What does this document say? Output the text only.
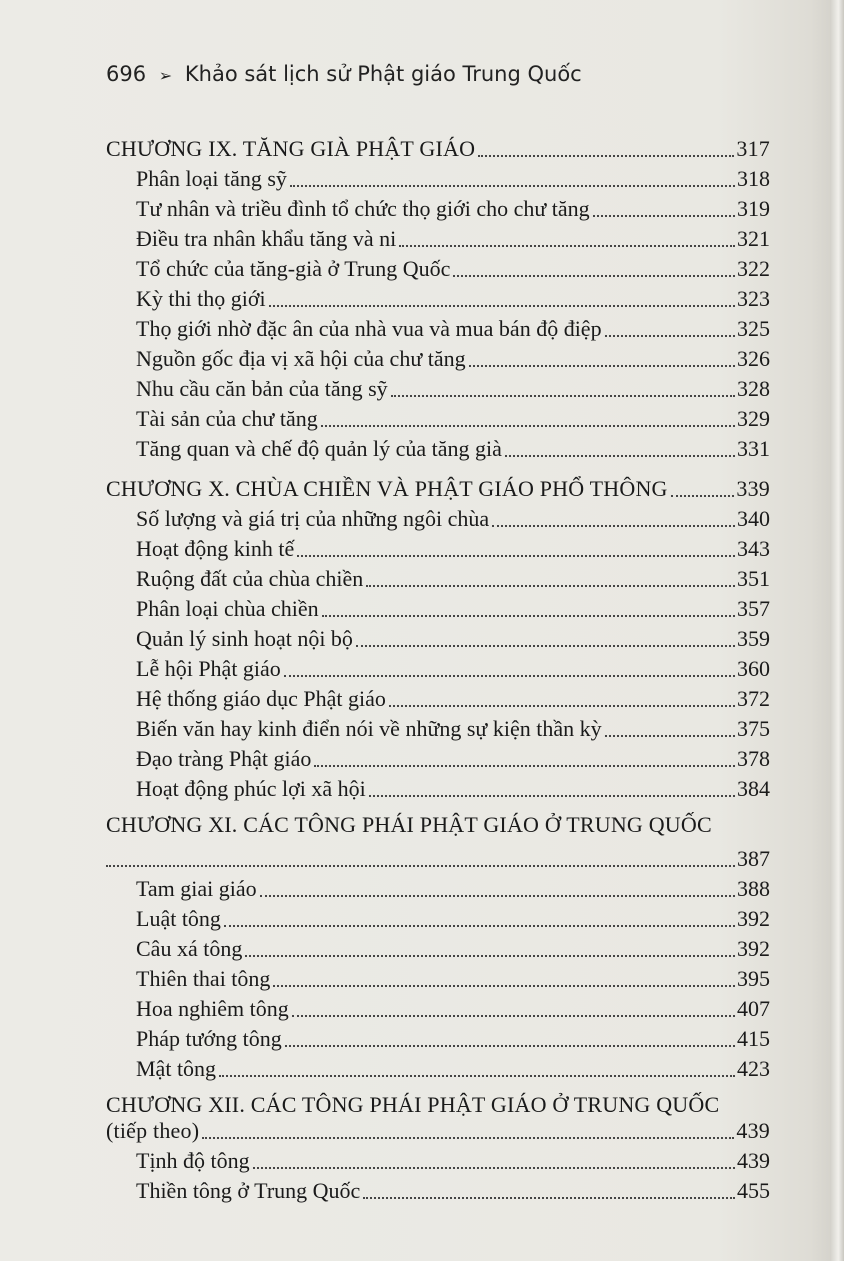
696 ➢ Khảo sát lịch sử Phật giáo Trung Quốc
CHƯƠNG IX. TĂNG GIÀ PHẬT GIÁO	317
Phân loại tăng sỹ	318
Tư nhân và triều đình tổ chức thọ giới cho chư tăng	319
Điều tra nhân khẩu tăng và ni	321
Tổ chức của tăng-già ở Trung Quốc	322
Kỳ thi thọ giới	323
Thọ giới nhờ đặc ân của nhà vua và mua bán độ điệp	325
Nguồn gốc địa vị xã hội của chư tăng	326
Nhu cầu căn bản của tăng sỹ	328
Tài sản của chư tăng	329
Tăng quan và chế độ quản lý của tăng già	331
CHƯƠNG X. CHÙA CHIỀN VÀ PHẬT GIÁO PHỔ THÔNG	339
Số lượng và giá trị của những ngôi chùa	340
Hoạt động kinh tế	343
Ruộng đất của chùa chiền	351
Phân loại chùa chiền	357
Quản lý sinh hoạt nội bộ	359
Lễ hội Phật giáo	360
Hệ thống giáo dục Phật giáo	372
Biến văn hay kinh điển nói về những sự kiện thần kỳ	375
Đạo tràng Phật giáo	378
Hoạt động phúc lợi xã hội	384
CHƯƠNG XI. CÁC TÔNG PHÁI PHẬT GIÁO Ở TRUNG QUỐC
387
Tam giai giáo	388
Luật tông	392
Câu xá tông	392
Thiên thai tông	395
Hoa nghiêm tông	407
Pháp tướng tông	415
Mật tông	423
CHƯƠNG XII. CÁC TÔNG PHÁI PHẬT GIÁO Ở TRUNG QUỐC
(tiếp theo)	439
Tịnh độ tông	439
Thiền tông ở Trung Quốc	455
